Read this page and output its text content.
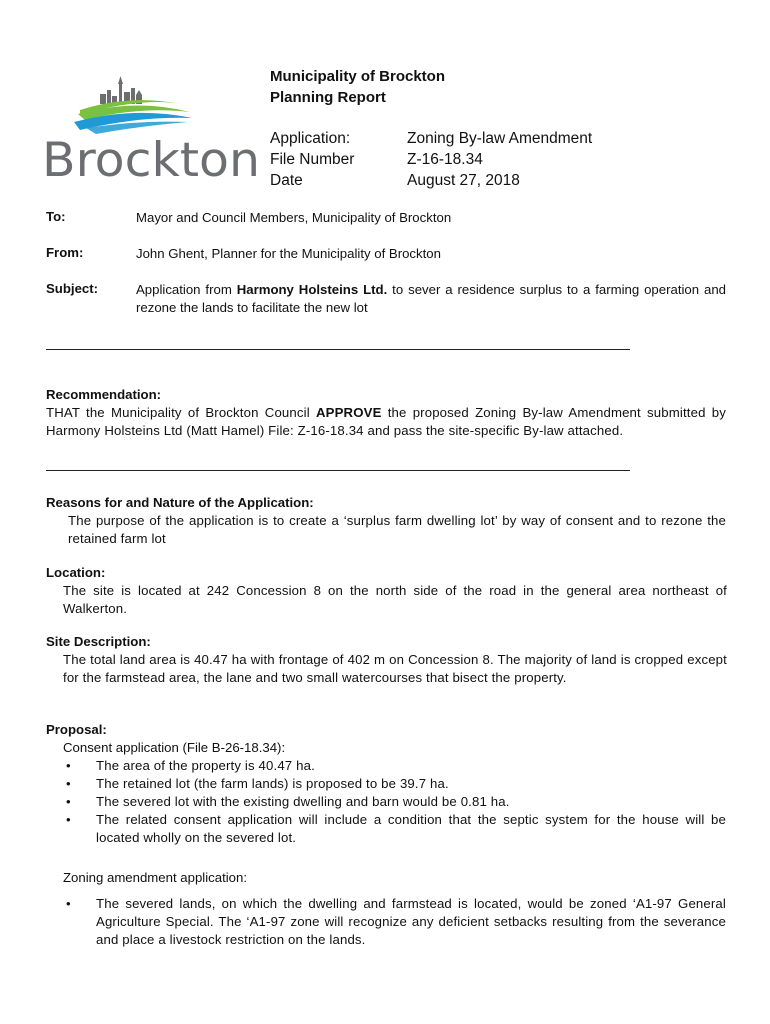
Brockton
Municipality of Brockton
Planning Report
Application:	Zoning By-law Amendment
File Number	Z-16-18.34
Date	August 27, 2018
To:	Mayor and Council Members, Municipality of Brockton
From:	John Ghent, Planner for the Municipality of Brockton
Subject:	Application from Harmony Holsteins Ltd. to sever a residence surplus to a farming operation and rezone the lands to facilitate the new lot
Recommendation:
THAT the Municipality of Brockton Council APPROVE the proposed Zoning By-law Amendment submitted by Harmony Holsteins Ltd (Matt Hamel) File: Z-16-18.34 and pass the site-specific By-law attached.
Reasons for and Nature of the Application:
The purpose of the application is to create a ‘surplus farm dwelling lot’ by way of consent and to rezone the retained farm lot
Location:
The site is located at 242 Concession 8 on the north side of the road in the general area northeast of Walkerton.
Site Description:
The total land area is 40.47 ha with frontage of 402 m on Concession 8. The majority of land is cropped except for the farmstead area, the lane and two small watercourses that bisect the property.
Proposal:
Consent application (File B-26-18.34):
• The area of the property is 40.47 ha.
• The retained lot (the farm lands) is proposed to be 39.7 ha.
• The severed lot with the existing dwelling and barn would be 0.81 ha.
• The related consent application will include a condition that the septic system for the house will be located wholly on the severed lot.
Zoning amendment application:
• The severed lands, on which the dwelling and farmstead is located, would be zoned ‘A1-97 General Agriculture Special. The ‘A1-97 zone will recognize any deficient setbacks resulting from the severance and place a livestock restriction on the lands.
